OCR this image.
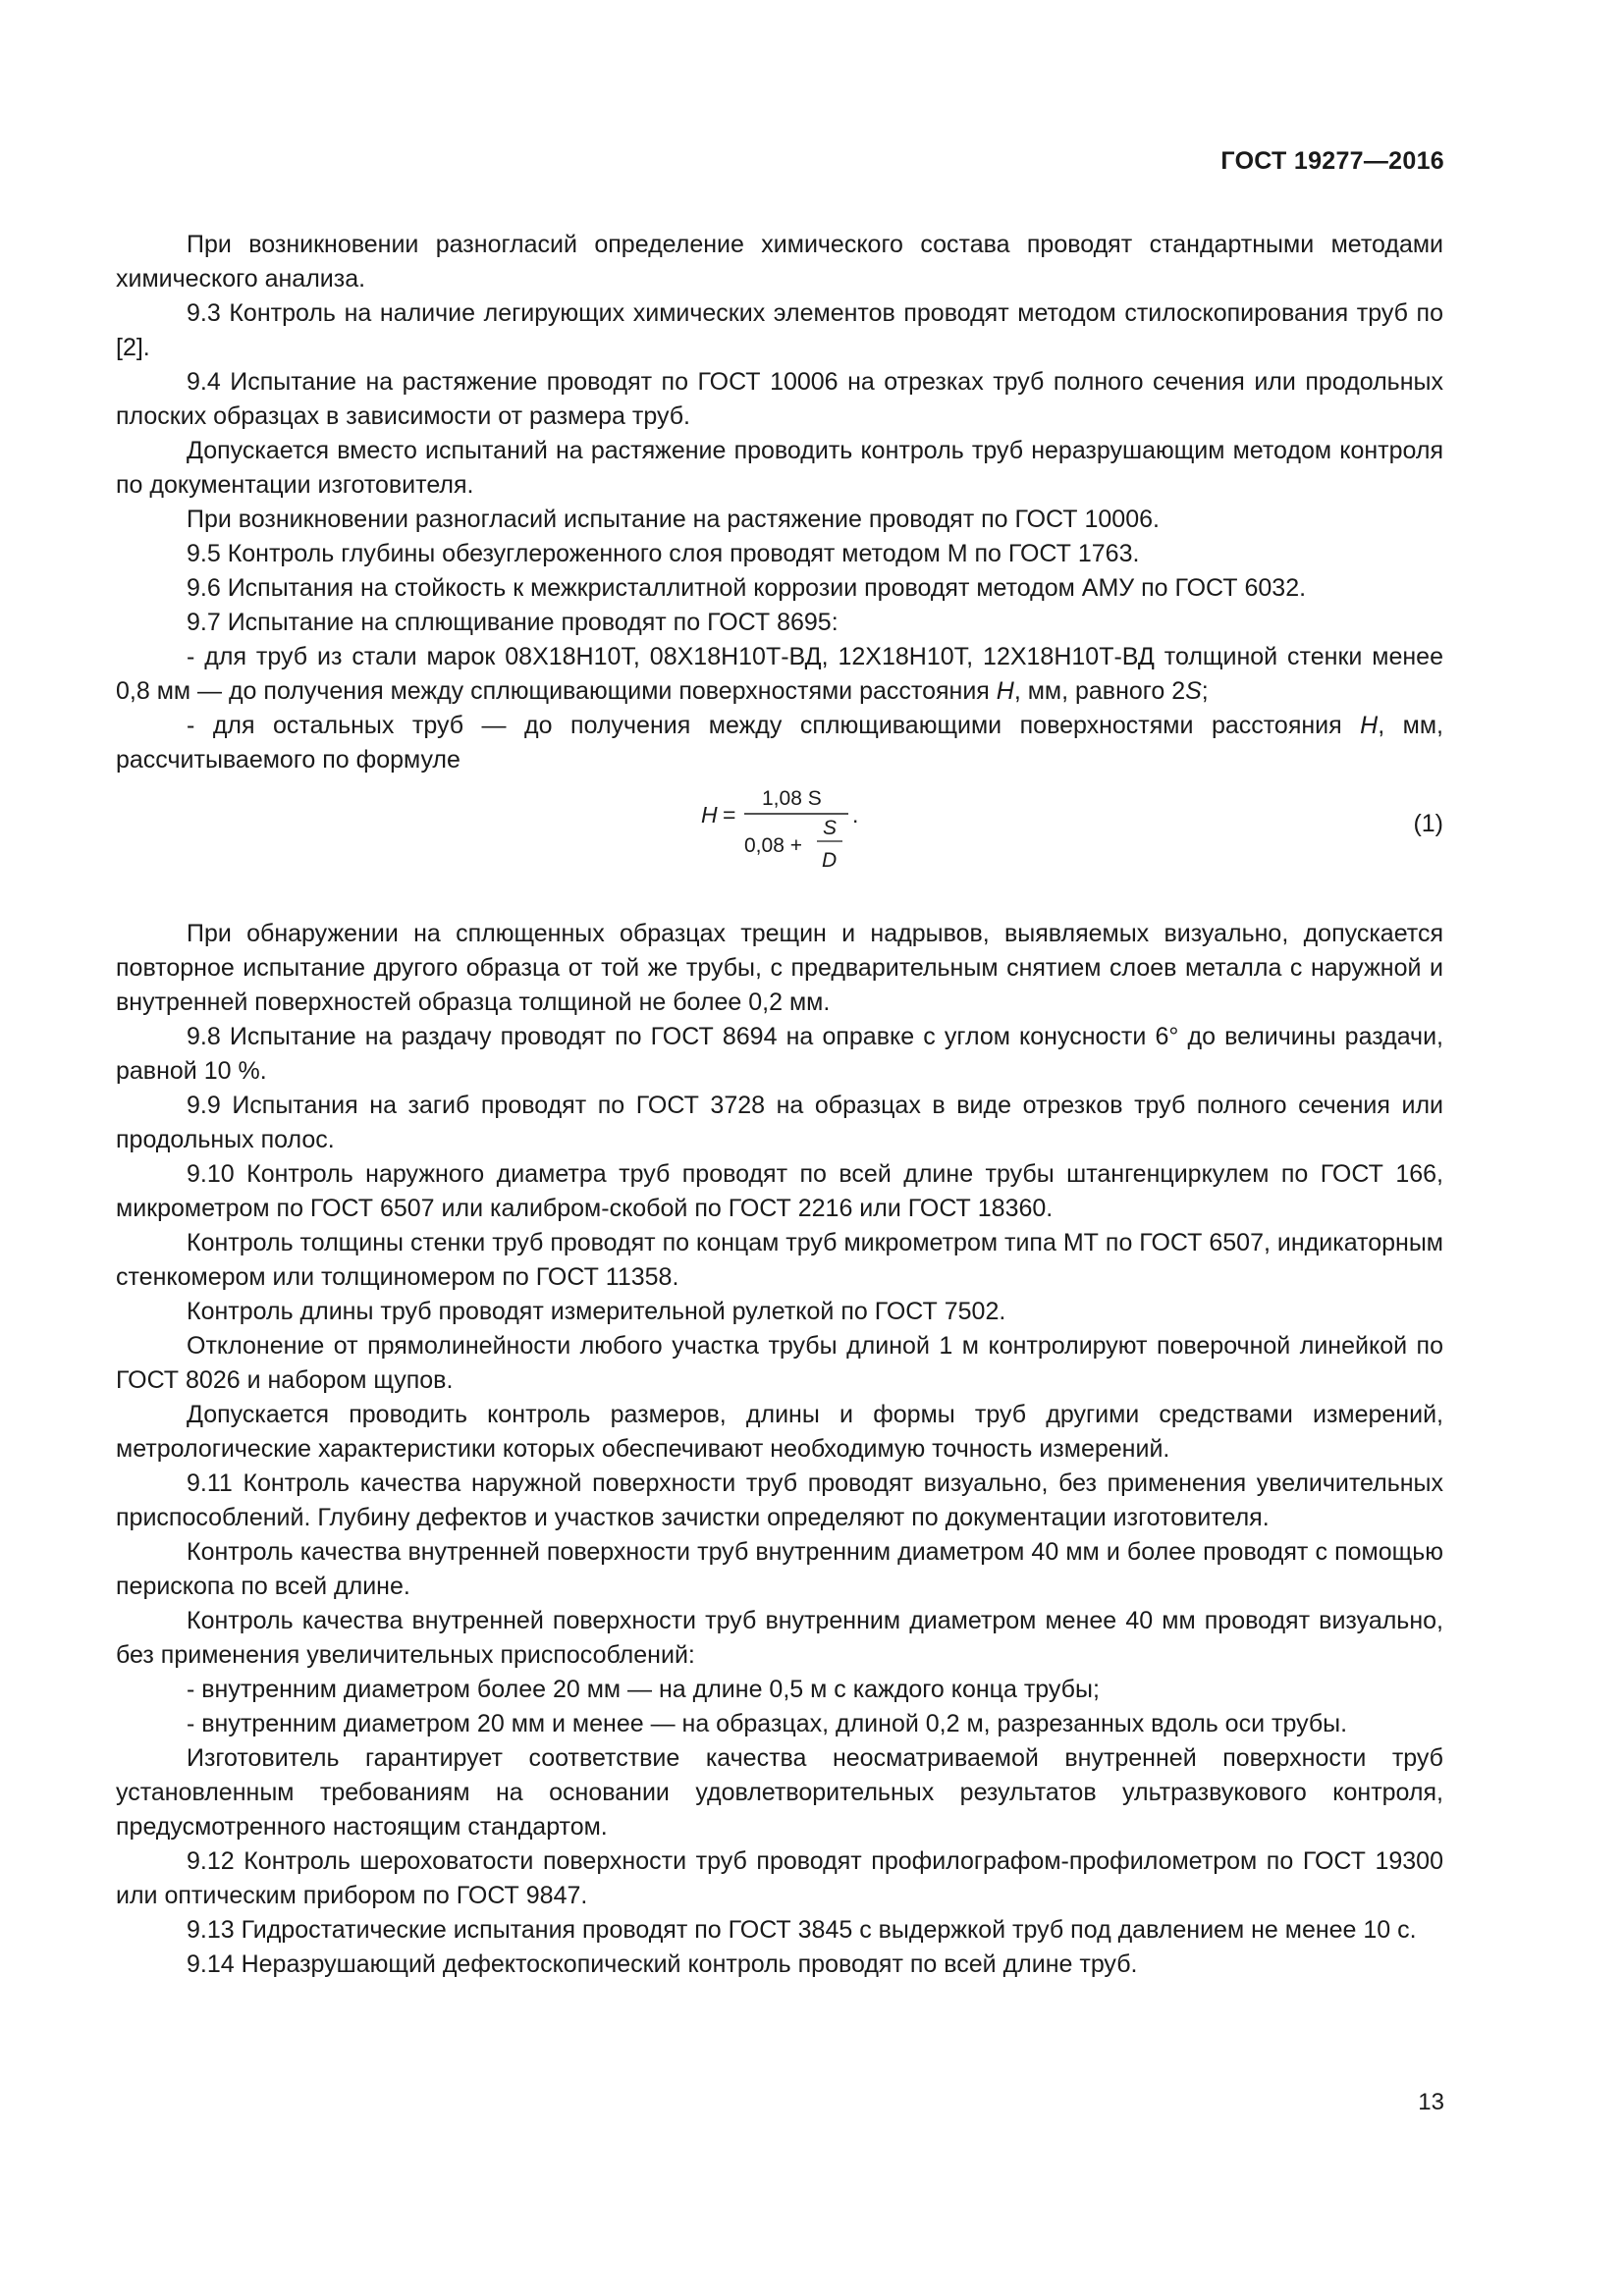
ГОСТ 19277—2016

При возникновении разногласий определение химического состава проводят стандартными методами химического анализа.

9.3 Контроль на наличие легирующих химических элементов проводят методом стилоскопирования труб по [2].

9.4 Испытание на растяжение проводят по ГОСТ 10006 на отрезках труб полного сечения или продольных плоских образцах в зависимости от размера труб.

Допускается вместо испытаний на растяжение проводить контроль труб неразрушающим методом контроля по документации изготовителя.

При возникновении разногласий испытание на растяжение проводят по ГОСТ 10006.

9.5 Контроль глубины обезуглероженного слоя проводят методом М по ГОСТ 1763.

9.6 Испытания на стойкость к межкристаллитной коррозии проводят методом АМУ по ГОСТ 6032.

9.7 Испытание на сплющивание проводят по ГОСТ 8695:

- для труб из стали марок 08Х18Н10Т, 08Х18Н10Т-ВД, 12Х18Н10Т, 12Х18Н10Т-ВД толщиной стенки менее 0,8 мм — до получения между сплющивающими поверхностями расстояния H, мм, равного 2S;

- для остальных труб — до получения между сплющивающими поверхностями расстояния H, мм, рассчитываемого по формуле

H =
1,08 S
0,08 +
S
D
.	(1)

При обнаружении на сплющенных образцах трещин и надрывов, выявляемых визуально, допускается повторное испытание другого образца от той же трубы, с предварительным снятием слоев металла с наружной и внутренней поверхностей образца толщиной не более 0,2 мм.

9.8 Испытание на раздачу проводят по ГОСТ 8694 на оправке с углом конусности 6° до величины раздачи, равной 10 %.

9.9 Испытания на загиб проводят по ГОСТ 3728 на образцах в виде отрезков труб полного сечения или продольных полос.

9.10 Контроль наружного диаметра труб проводят по всей длине трубы штангенциркулем по ГОСТ 166, микрометром по ГОСТ 6507 или калибром-скобой по ГОСТ 2216 или ГОСТ 18360.

Контроль толщины стенки труб проводят по концам труб микрометром типа МТ по ГОСТ 6507, индикаторным стенкомером или толщиномером по ГОСТ 11358.

Контроль длины труб проводят измерительной рулеткой по ГОСТ 7502.

Отклонение от прямолинейности любого участка трубы длиной 1 м контролируют поверочной линейкой по ГОСТ 8026 и набором щупов.

Допускается проводить контроль размеров, длины и формы труб другими средствами измерений, метрологические характеристики которых обеспечивают необходимую точность измерений.

9.11 Контроль качества наружной поверхности труб проводят визуально, без применения увеличительных приспособлений. Глубину дефектов и участков зачистки определяют по документации изготовителя.

Контроль качества внутренней поверхности труб внутренним диаметром 40 мм и более проводят с помощью перископа по всей длине.

Контроль качества внутренней поверхности труб внутренним диаметром менее 40 мм проводят визуально, без применения увеличительных приспособлений:

- внутренним диаметром более 20 мм — на длине 0,5 м с каждого конца трубы;

- внутренним диаметром 20 мм и менее — на образцах, длиной 0,2 м, разрезанных вдоль оси трубы.

Изготовитель гарантирует соответствие качества неосматриваемой внутренней поверхности труб установленным требованиям на основании удовлетворительных результатов ультразвукового контроля, предусмотренного настоящим стандартом.

9.12 Контроль шероховатости поверхности труб проводят профилографом-профилометром по ГОСТ 19300 или оптическим прибором по ГОСТ 9847.

9.13 Гидростатические испытания проводят по ГОСТ 3845 с выдержкой труб под давлением не менее 10 с.

9.14 Неразрушающий дефектоскопический контроль проводят по всей длине труб.

13
